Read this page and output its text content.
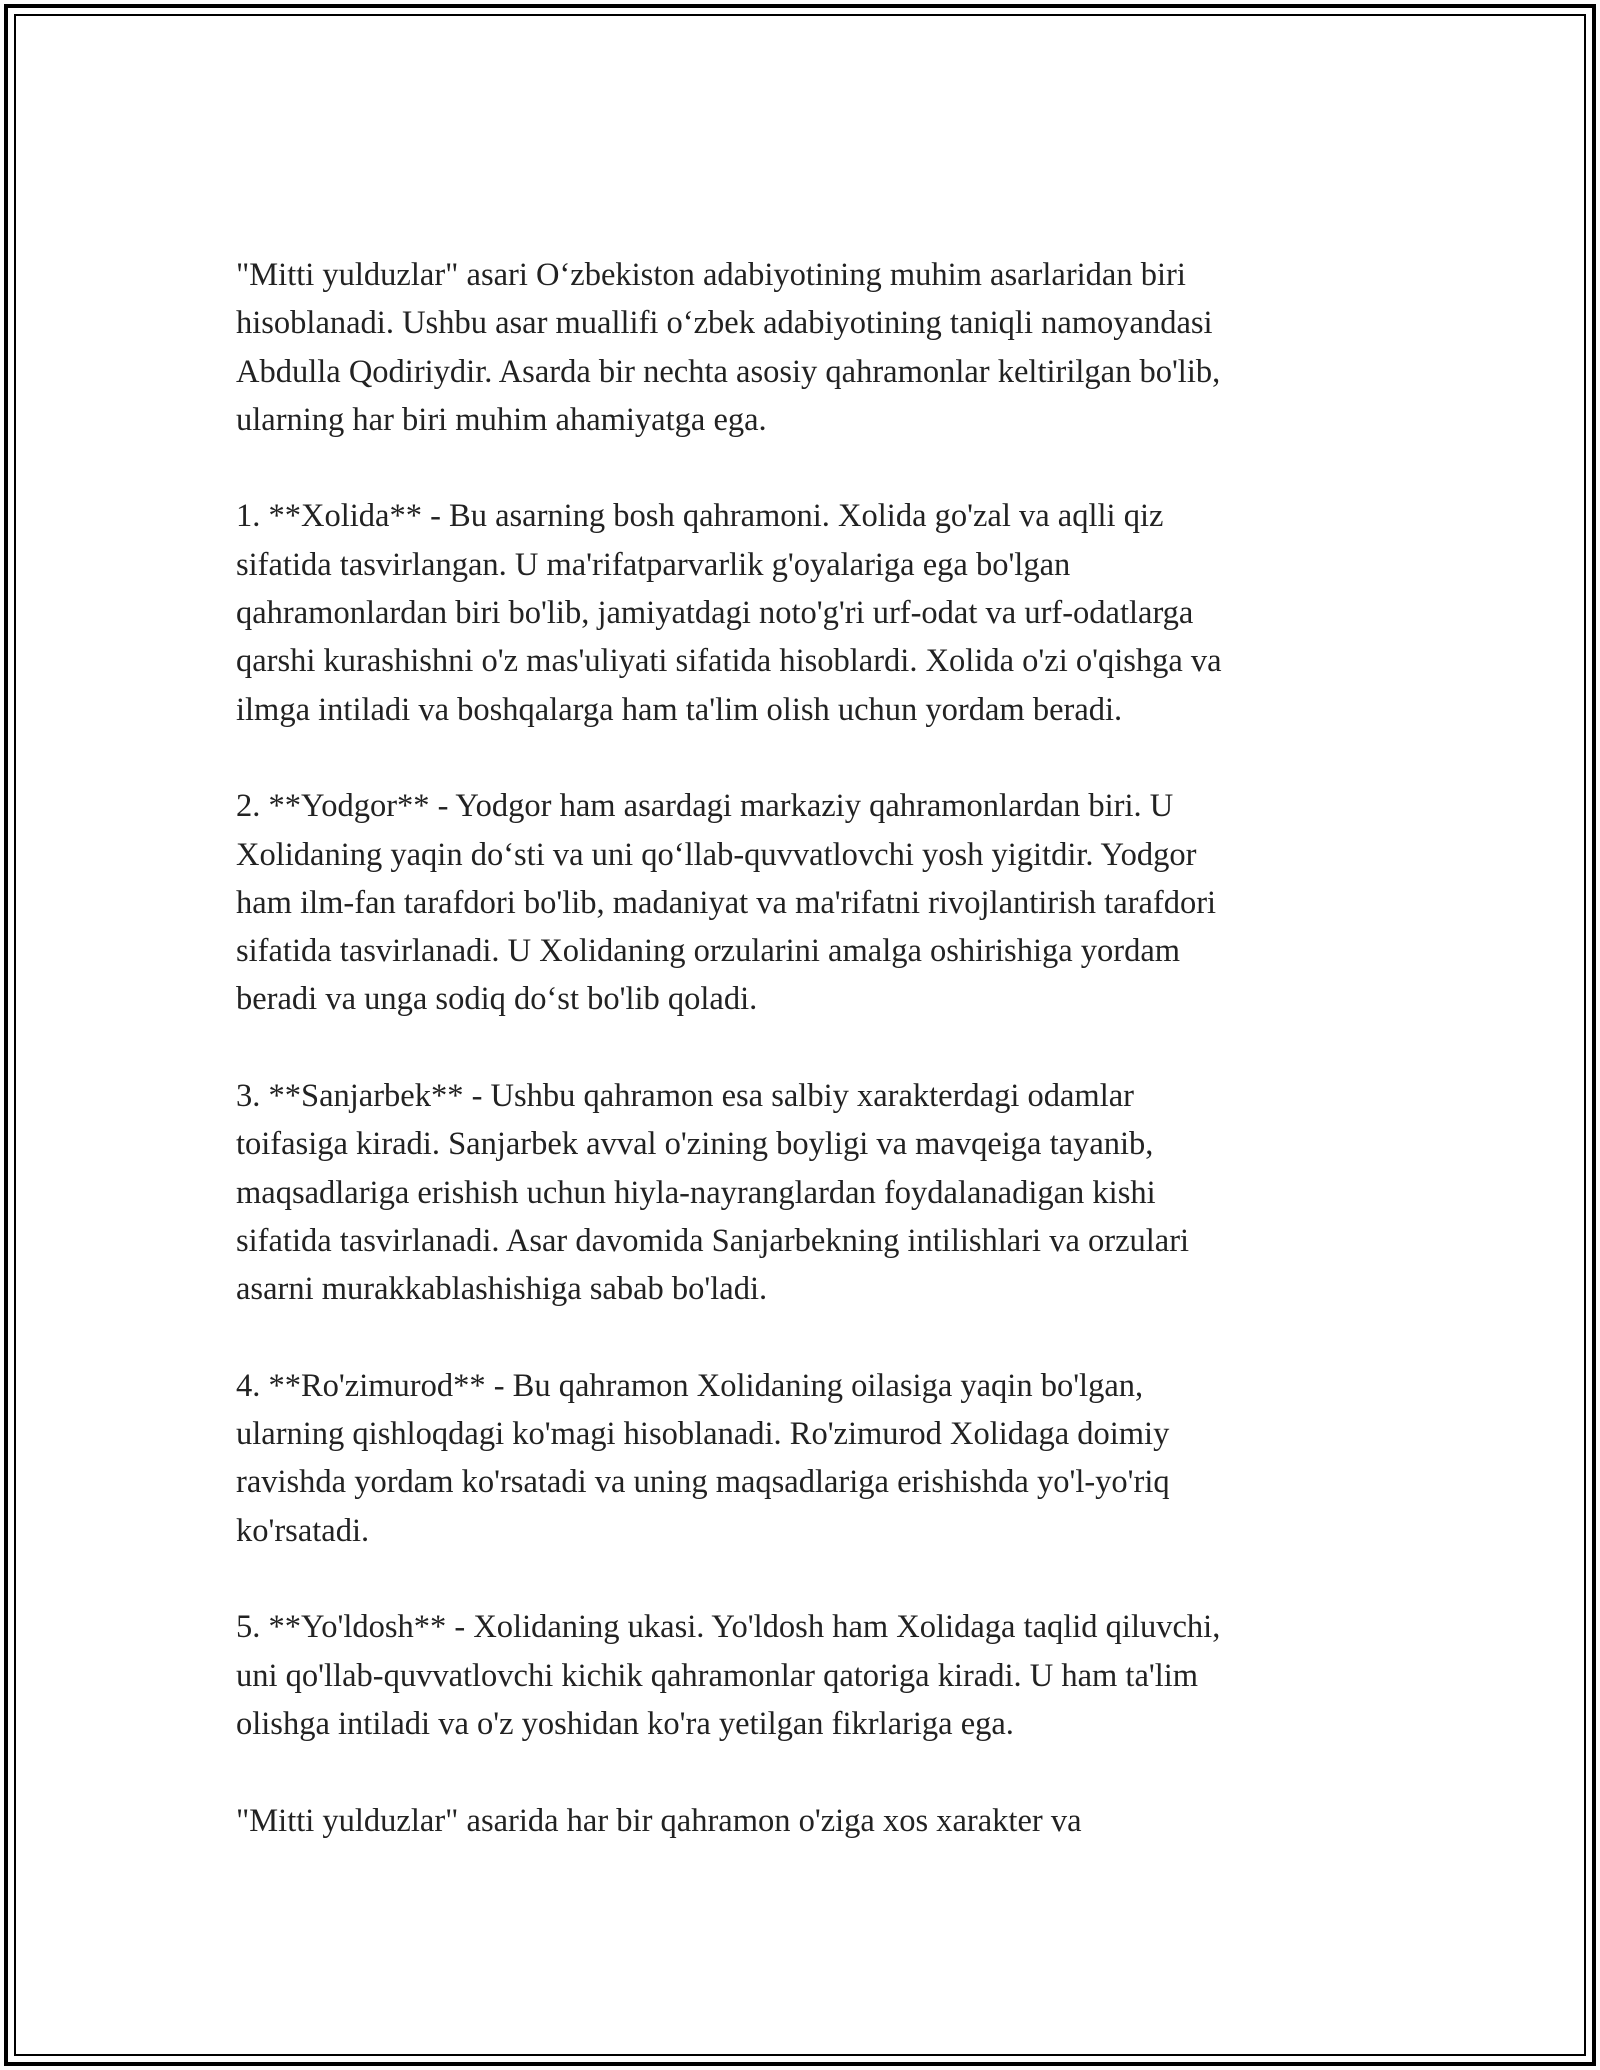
"Mitti yulduzlar" asari O‘zbekiston adabiyotining muhim asarlaridan biri
hisoblanadi. Ushbu asar muallifi o‘zbek adabiyotining taniqli namoyandasi
Abdulla Qodiriydir. Asarda bir nechta asosiy qahramonlar keltirilgan bo'lib,
ularning har biri muhim ahamiyatga ega.

1. **Xolida** - Bu asarning bosh qahramoni. Xolida go'zal va aqlli qiz
sifatida tasvirlangan. U ma'rifatparvarlik g'oyalariga ega bo'lgan
qahramonlardan biri bo'lib, jamiyatdagi noto'g'ri urf-odat va urf-odatlarga
qarshi kurashishni o'z mas'uliyati sifatida hisoblardi. Xolida o'zi o'qishga va
ilmga intiladi va boshqalarga ham ta'lim olish uchun yordam beradi.

2. **Yodgor** - Yodgor ham asardagi markaziy qahramonlardan biri. U
Xolidaning yaqin do‘sti va uni qo‘llab-quvvatlovchi yosh yigitdir. Yodgor
ham ilm-fan tarafdori bo'lib, madaniyat va ma'rifatni rivojlantirish tarafdori
sifatida tasvirlanadi. U Xolidaning orzularini amalga oshirishiga yordam
beradi va unga sodiq do‘st bo'lib qoladi.

3. **Sanjarbek** - Ushbu qahramon esa salbiy xarakterdagi odamlar
toifasiga kiradi. Sanjarbek avval o'zining boyligi va mavqeiga tayanib,
maqsadlariga erishish uchun hiyla-nayranglardan foydalanadigan kishi
sifatida tasvirlanadi. Asar davomida Sanjarbekning intilishlari va orzulari
asarni murakkablashishiga sabab bo'ladi.

4. **Ro'zimurod** - Bu qahramon Xolidaning oilasiga yaqin bo'lgan,
ularning qishloqdagi ko'magi hisoblanadi. Ro'zimurod Xolidaga doimiy
ravishda yordam ko'rsatadi va uning maqsadlariga erishishda yo'l-yo'riq
ko'rsatadi.

5. **Yo'ldosh** - Xolidaning ukasi. Yo'ldosh ham Xolidaga taqlid qiluvchi,
uni qo'llab-quvvatlovchi kichik qahramonlar qatoriga kiradi. U ham ta'lim
olishga intiladi va o'z yoshidan ko'ra yetilgan fikrlariga ega.

"Mitti yulduzlar" asarida har bir qahramon o'ziga xos xarakter va
